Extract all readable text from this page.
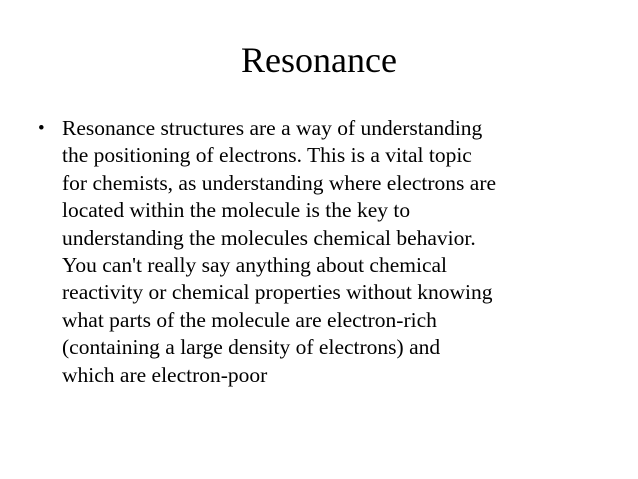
Resonance
• Resonance structures are a way of understanding
the positioning of electrons. This is a vital topic
for chemists, as understanding where electrons are
located within the molecule is the key to
understanding the molecules chemical behavior.
You can't really say anything about chemical
reactivity or chemical properties without knowing
what parts of the molecule are electron-rich
(containing a large density of electrons) and
which are electron-poor
